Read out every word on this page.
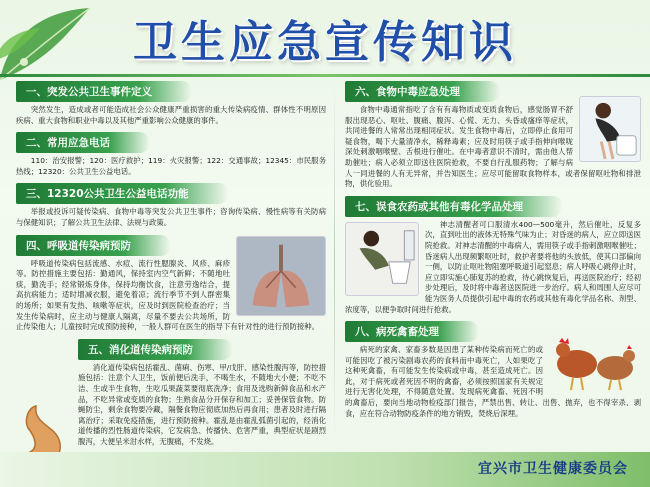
卫生应急宣传知识
一、突发公共卫生事件定义
突然发生，造成或者可能造成社会公众健康严重损害的重大传染病疫情、群体性不明原因疾病、重大食物和职业中毒以及其他严重影响公众健康的事件。
二、常用应急电话
110：治安报警；120：医疗救护；119：火灾报警；122：交通事故；12345：市民服务热线；12320：公共卫生公益电话。
三、12320公共卫生公益电话功能
举报或投诉可疑传染病、食物中毒等突发公共卫生事件；咨询传染病、慢性病等有关防病与保健知识；了解公共卫生法律、法规与政策。
四、呼吸道传染病预防
呼吸道传染病包括流感、水痘、流行性腮腺炎、风疹、麻疹等。防控措施主要包括：勤通风，保持室内空气新鲜；不随地吐痰，勤洗手；经常锻炼身体，保持均衡饮食，注意劳逸结合，提高抗病能力；适时增减衣服，避免着凉；流行季节不到人群密集的场所；如果有发热、咳嗽等症状，应及时到医院检查治疗；当发生传染病时，应主动与健康人隔离，尽量不要去公共场所，防止传染他人；儿童按时完成预防接种，一般人群可在医生的指导下有针对性的进行预防接种。
五、消化道传染病预防
消化道传染病包括霍乱、菌痢、伤寒、甲/戊肝、感染性腹泻等，防控措施包括：注意个人卫生，饭前便后洗手，不喝生水，不随地大小便；不吃不洁、生或半生食物，生吃瓜果蔬菜要彻底洗净；食用及选购新鲜食品和水产品，不吃异常或变质的食物；生熟食品分开保存和加工；妥善保管食物。防蝇防尘，剩余食物要冷藏，隔餐食物应彻底加热后再食用；患者及时进行隔离治疗；采取免疫措施，进行预防接种。霍乱是由霍乱弧菌引起的，经消化道传播的烈性肠道传染病，它发病急、传播快、危害严重，典型症状是剧烈腹泻，大便呈米泔水样，无腹痛，不发烧。
六、食物中毒应急处理
食物中毒通常指吃了含有有毒物质或变质食物后，感觉肠胃不舒服出现恶心、呕吐、腹痛、腹泻、心慌、无力、头昏或瘙痒等症状，共同进餐的人常常出现相同症状。发生食物中毒后，立即停止食用可疑食物，喝下大量清净水，稀释毒素；应及时用筷子或手指伸向喉咙深处刺激咽喉壁、舌根进行催吐。在中毒者意识不清时，需由他人帮助催吐；病人必须立即送往医院抢救，不要自行乱服药物；了解与病人一同进餐的人有无异常，并告知医生；应尽可能留取食物样本，或者保留呕吐物和排泄物，供化验用。
七、误食农药或其他有毒化学品处理
神志清醒者可口服清水400—500毫升，然后催吐，反复多次，直到吐出的液体无特殊气味为止；对昏迷的病人，应立即送医院抢救。对神志清醒的中毒病人，需用筷子或手指刺激咽喉催吐；昏迷病人出现频繁呕吐时，救护者要将他的头放低，使其口部偏向一侧，以防止呕吐物阻塞呼吸道引起窒息；病人呼吸心跳停止时，应立即实施心肺复苏的抢救，待心跳恢复后，再送医院治疗；经初步处理后，及时将中毒者送医院进一步治疗。病人和周围人应尽可能为医务人员提供引起中毒的农药或其他有毒化学品名称、剂型、浓度等，以便争取时间进行抢救。
八、病死禽畜处理
病死的家禽、家畜多数是因患了某种传染病而死亡的或可能因吃了被污染剧毒农药的食料而中毒死亡，人如果吃了这种死禽畜，有可能发生传染病或中毒，甚至造成死亡。因此，对于病死或者死因不明的禽畜，必须按照国家有关规定进行无害化处理，不得随意处置。发现病死禽畜、死因不明的禽畜后，要向当地动物检疫部门报告，严禁出售、转让、出售、抛弃，也不得宰杀、剥食，应在符合动物防疫条件的地方销毁，焚烧后深埋。
宜兴市卫生健康委员会
